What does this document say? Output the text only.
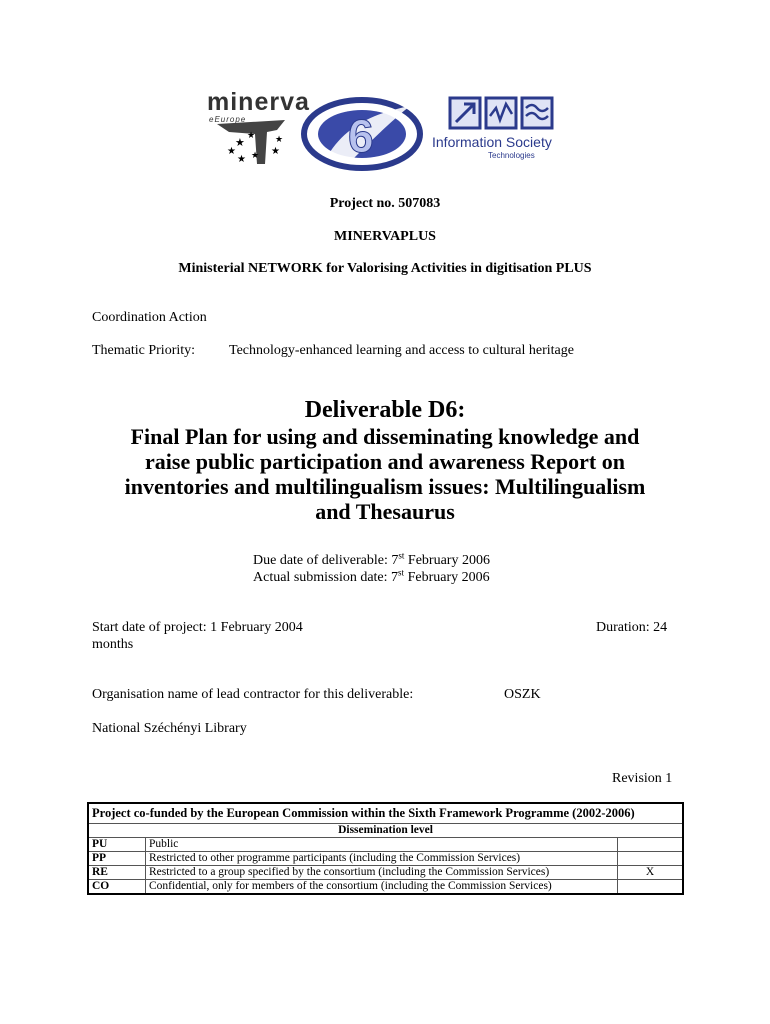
minerva
eEurope
★
★
★
★ ★ ★
★ 6	Information Society
Technologies
Project no. 507083
MINERVAPLUS
Ministerial NETWORK for Valorising Activities in digitisation PLUS
Coordination Action
Thematic Priority: Technology-enhanced learning and access to cultural heritage
Deliverable D6:
Final Plan for using and disseminating knowledge and
raise public participation and awareness Report on
inventories and multilingualism issues: Multilingualism
and Thesaurus
Due date of deliverable: 7st February 2006
Actual submission date: 7st February 2006
Start date of project: 1 February 2004	Duration: 24
months
Organisation name of lead contractor for this deliverable:	OSZK
National Széchényi Library
Revision 1
Project co-funded by the European Commission within the Sixth Framework Programme (2002-2006)		
Dissemination level		
PU	Public	
PP	Restricted to other programme participants (including the Commission Services)	
RE	Restricted to a group specified by the consortium (including the Commission Services)	X
CO	Confidential, only for members of the consortium (including the Commission Services)	
